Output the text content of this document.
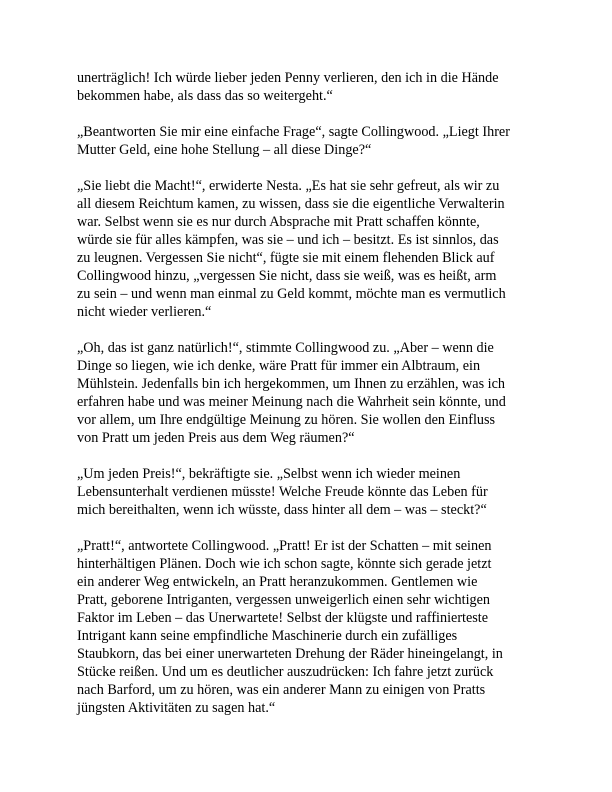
unerträglich! Ich würde lieber jeden Penny verlieren, den ich in die Hände
bekommen habe, als dass das so weitergeht.“

„Beantworten Sie mir eine einfache Frage“, sagte Collingwood. „Liegt Ihrer
Mutter Geld, eine hohe Stellung – all diese Dinge?“

„Sie liebt die Macht!“, erwiderte Nesta. „Es hat sie sehr gefreut, als wir zu
all diesem Reichtum kamen, zu wissen, dass sie die eigentliche Verwalterin
war. Selbst wenn sie es nur durch Absprache mit Pratt schaffen könnte,
würde sie für alles kämpfen, was sie – und ich – besitzt. Es ist sinnlos, das
zu leugnen. Vergessen Sie nicht“, fügte sie mit einem flehenden Blick auf
Collingwood hinzu, „vergessen Sie nicht, dass sie weiß, was es heißt, arm
zu sein – und wenn man einmal zu Geld kommt, möchte man es vermutlich
nicht wieder verlieren.“

„Oh, das ist ganz natürlich!“, stimmte Collingwood zu. „Aber – wenn die
Dinge so liegen, wie ich denke, wäre Pratt für immer ein Albtraum, ein
Mühlstein. Jedenfalls bin ich hergekommen, um Ihnen zu erzählen, was ich
erfahren habe und was meiner Meinung nach die Wahrheit sein könnte, und
vor allem, um Ihre endgültige Meinung zu hören. Sie wollen den Einfluss
von Pratt um jeden Preis aus dem Weg räumen?“

„Um jeden Preis!“, bekräftigte sie. „Selbst wenn ich wieder meinen
Lebensunterhalt verdienen müsste! Welche Freude könnte das Leben für
mich bereithalten, wenn ich wüsste, dass hinter all dem – was – steckt?“

„Pratt!“, antwortete Collingwood. „Pratt! Er ist der Schatten – mit seinen
hinterhältigen Plänen. Doch wie ich schon sagte, könnte sich gerade jetzt
ein anderer Weg entwickeln, an Pratt heranzukommen. Gentlemen wie
Pratt, geborene Intriganten, vergessen unweigerlich einen sehr wichtigen
Faktor im Leben – das Unerwartete! Selbst der klügste und raffinierteste
Intrigant kann seine empfindliche Maschinerie durch ein zufälliges
Staubkorn, das bei einer unerwarteten Drehung der Räder hineingelangt, in
Stücke reißen. Und um es deutlicher auszudrücken: Ich fahre jetzt zurück
nach Barford, um zu hören, was ein anderer Mann zu einigen von Pratts
jüngsten Aktivitäten zu sagen hat.“
